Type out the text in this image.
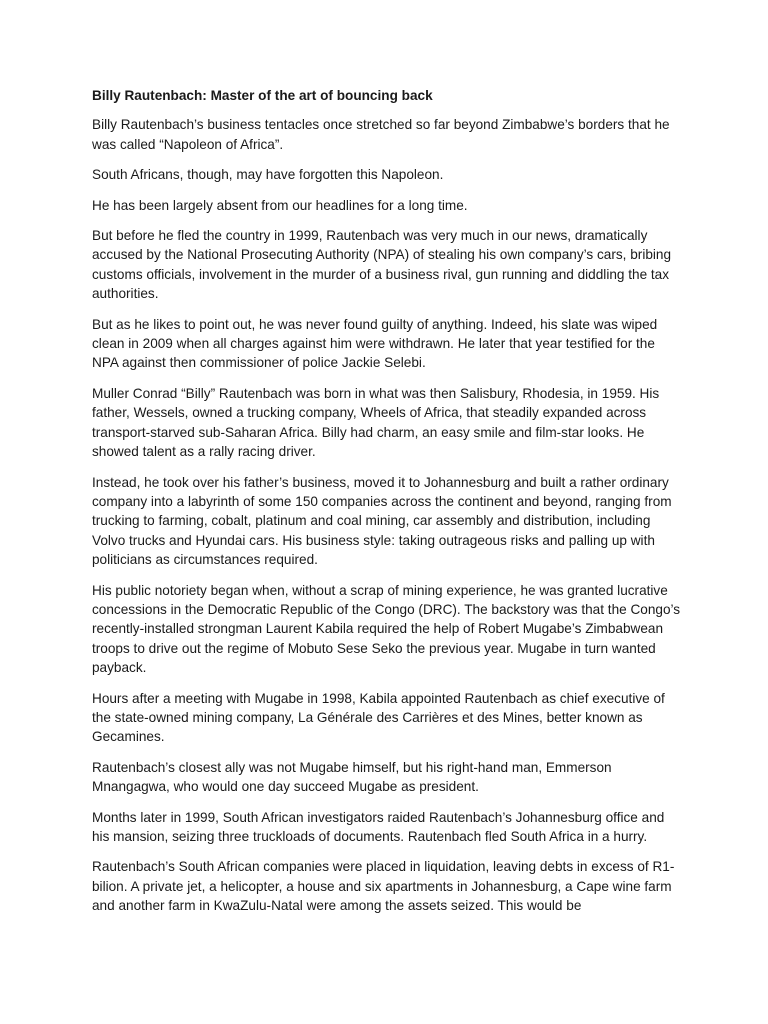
Billy Rautenbach: Master of the art of bouncing back
Billy Rautenbach’s business tentacles once stretched so far beyond Zimbabwe’s borders that he was called “Napoleon of Africa”.
South Africans, though, may have forgotten this Napoleon.
He has been largely absent from our headlines for a long time.
But before he fled the country in 1999, Rautenbach was very much in our news, dramatically accused by the National Prosecuting Authority (NPA) of stealing his own company’s cars, bribing customs officials, involvement in the murder of a business rival, gun running and diddling the tax authorities.
But as he likes to point out, he was never found guilty of anything. Indeed, his slate was wiped clean in 2009 when all charges against him were withdrawn. He later that year testified for the NPA against then commissioner of police Jackie Selebi.
Muller Conrad “Billy” Rautenbach was born in what was then Salisbury, Rhodesia, in 1959. His father, Wessels, owned a trucking company, Wheels of Africa, that steadily expanded across transport-starved sub-Saharan Africa. Billy had charm, an easy smile and film-star looks. He showed talent as a rally racing driver.
Instead, he took over his father’s business, moved it to Johannesburg and built a rather ordinary company into a labyrinth of some 150 companies across the continent and beyond, ranging from trucking to farming, cobalt, platinum and coal mining, car assembly and distribution, including Volvo trucks and Hyundai cars. His business style: taking outrageous risks and palling up with politicians as circumstances required.
His public notoriety began when, without a scrap of mining experience, he was granted lucrative concessions in the Democratic Republic of the Congo (DRC). The backstory was that the Congo’s recently-installed strongman Laurent Kabila required the help of Robert Mugabe’s Zimbabwean troops to drive out the regime of Mobuto Sese Seko the previous year. Mugabe in turn wanted payback.
Hours after a meeting with Mugabe in 1998, Kabila appointed Rautenbach as chief executive of the state-owned mining company, La Générale des Carrières et des Mines, better known as Gecamines.
Rautenbach’s closest ally was not Mugabe himself, but his right-hand man, Emmerson Mnangagwa, who would one day succeed Mugabe as president.
Months later in 1999, South African investigators raided Rautenbach’s Johannesburg office and his mansion, seizing three truckloads of documents. Rautenbach fled South Africa in a hurry.
Rautenbach’s South African companies were placed in liquidation, leaving debts in excess of R1-bilion. A private jet, a helicopter, a house and six apartments in Johannesburg, a Cape wine farm and another farm in KwaZulu-Natal were among the assets seized. This would be
